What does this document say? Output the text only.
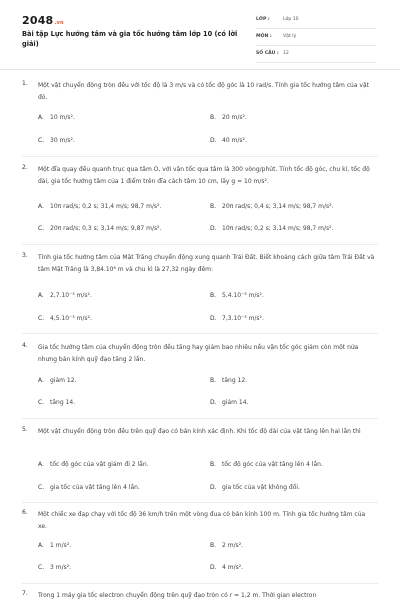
2048.vn
Bài tập Lực hướng tâm và gia tốc hướng tâm lớp 10 (có lời giải)
LỚP :	Lớp 10
MÔN : Vật lý
SỐ CÂU : 12
1. Một vật chuyển động tròn đều với tốc độ là 3 m/s và có tốc độ góc là 10 rad/s. Tính gia tốc hướng tâm của vật đó.
A. 10 m/s².	B. 20 m/s².
C. 30 m/s².	D. 40 m/s².
2. Một đĩa quay đều quanh trục qua tâm O, với vận tốc qua tâm là 300 vòng/phút. Tính tốc độ góc, chu kì, tốc độ dài, gia tốc hướng tâm của 1 điểm trên đĩa cách tâm 10 cm, lấy g = 10 m/s².
A. 10π rad/s; 0,2 s; 31,4 m/s; 98,7 m/s².	B. 20π rad/s; 0,4 s; 3,14 m/s; 98,7 m/s².
C. 20π rad/s; 0,3 s; 3,14 m/s; 9,87 m/s².	D. 10π rad/s; 0,2 s; 3,14 m/s; 98,7 m/s².
3. Tính gia tốc hướng tâm của Mặt Trăng chuyển động xung quanh Trái Đất. Biết khoảng cách giữa tâm Trái Đất và tâm Mặt Trăng là 3,84.10⁸ m và chu kì là 27,32 ngày đêm:
A. 2,7.10⁻³ m/s².	B. 5,4.10⁻³ m/s².
C. 4,5.10⁻³ m/s².	D. 7,3.10⁻³ m/s².
4. Gia tốc hướng tâm của chuyển động tròn đều tăng hay giảm bao nhiêu nếu vận tốc góc giảm còn một nửa nhưng bán kính quỹ đạo tăng 2 lần.
A. giảm 12.	B. tăng 12.
C. tăng 14.	D. giảm 14.
5. Một vật chuyển động tròn đều trên quỹ đạo có bán kính xác định. Khi tốc độ dài của vật tăng lên hai lần thì
A. tốc độ góc của vật giảm đi 2 lần.	B. tốc độ góc của vật tăng lên 4 lần.
C. gia tốc của vật tăng lên 4 lần.	D. gia tốc của vật không đổi.
6. Một chiếc xe đạp chạy với tốc độ 36 km/h trên một vòng đua có bán kính 100 m. Tính gia tốc hướng tâm của xe.
A. 1 m/s².	B. 2 m/s².
C. 3 m/s².	D. 4 m/s².
7. Trong 1 máy gia tốc electron chuyển động trên quỹ đạo tròn có r = 1,2 m. Thời gian electron
